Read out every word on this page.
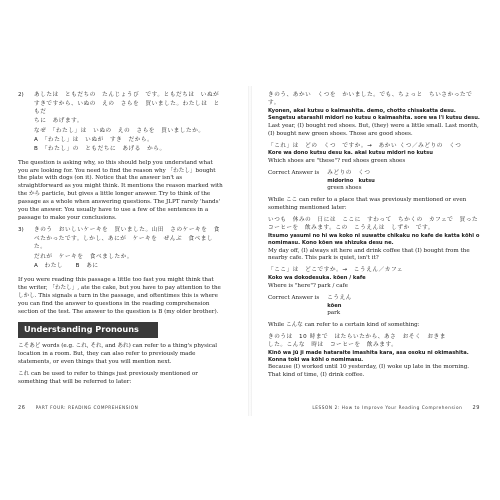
2)	あしたは　ともだちの　たんじょうび　です。ともだちは　いぬが
すきですから、いぬの　えの　さらを　買いました。わたしは　ともだ
ちに　あげます。
なぜ　「わたし」は　いぬの　えの　さらを　買いましたか。
A　「わたし」は　いぬが　すき　だから。
B　「わたし」の　ともだちに　あげる　から。
The question is asking why, so this should help you understand what you are looking for. You need to find the reason why 「わたし」bought the plate with dogs (on it). Notice that the answer isn't as straightforward as you might think. It mentions the reason marked with the から particle, but gives a little longer answer. Try to think of the passage as a whole when answering questions. The JLPT rarely 'hands' you the answer. You usually have to use a few of the sentences in a passage to make your conclusions.
3)	きのう　おいしいケーキを　買いました。山田　さのケーキを　食
べたかったです。しかし、あにが　ケーキを　ぜんぶ　食べました。
だれが　ケーキを　食べましたか。
A　わたし　　B　あに
If you were reading this passage a little too fast you might think that the writer, 「わたし」, ate the cake, but you have to pay attention to the しかし. This signals a turn in the passage, and oftentimes this is where you can find the answer to questions in the reading comprehension section of the test. The answer to the question is B (my older brother).
Understanding Pronouns
こそあど words (e.g. これ, それ, and あれ) can refer to a thing's physical location in a room. But, they can also refer to previously made statements, or even things that you will mention next.
これ can be used to refer to things just previously mentioned or something that will be referred to later:
26 PART FOUR: READING COMPREHENSION
きのう、あかい　くつを　かいました。でも、ちょっと　ちいさかったです。
Kyonen, akai kutsu o kaimashita. demo, chotto chisakatta desu.
Sengetsu atarashii midori no kutsu o kaimashita. sore wa l'i kutsu desu.
Last year, (I) bought red shoes. But, (they) were a little small. Last month, (I) bought new green shoes. Those are good shoes.
「これ」は　どの　くつ　ですか。→　あかい くつ／みどりの　くつ
Kore wa dono kutsu desu ka. akai kutsu midori no kutsu
Which shoes are "these"? red shoes green shoes
Correct Answer is みどりの　くつ
midorino　kutsu
green shoes
While ここ can refer to a place that was previously mentioned or even something mentioned later:
いつも　休みの　日には　ここに　すわって　ちかくの　カフェで　買った
コーヒーを　飲みます。この　こうえんは　しずか　です。
Itsumo yasumi no hi wa koko ni suwatte chikaku no kafe de katta kōhī o nomimasu. Kono kōen wa shizuka desu ne.
My day off, (I) always sit here and drink coffee that (I) bought from the nearby cafe. This park is quiet, isn't it?
「ここ」は　どこですか。→　こうえん／カフェ
Koko wa dokodesuka. kōen / kafe
Where is "here"? park / cafe
Correct Answer is こうえん
kōen
park
While こんな can refer to a certain kind of something:
きのうは　10 時まで　はたらいたから、あさ　おそく　おきま
した。こんな　時は　コーヒーを　飲みます。
Kinō wa jū ji made hataraite imashita kara, asa osoku ni okimashita. Konna toki wa kōhī o nomimasu.
Because (I) worked until 10 yesterday, (I) woke up late in the morning. That kind of time, (I) drink coffee.
LESSON 2: How to Improve Your Reading Comprehension 29
